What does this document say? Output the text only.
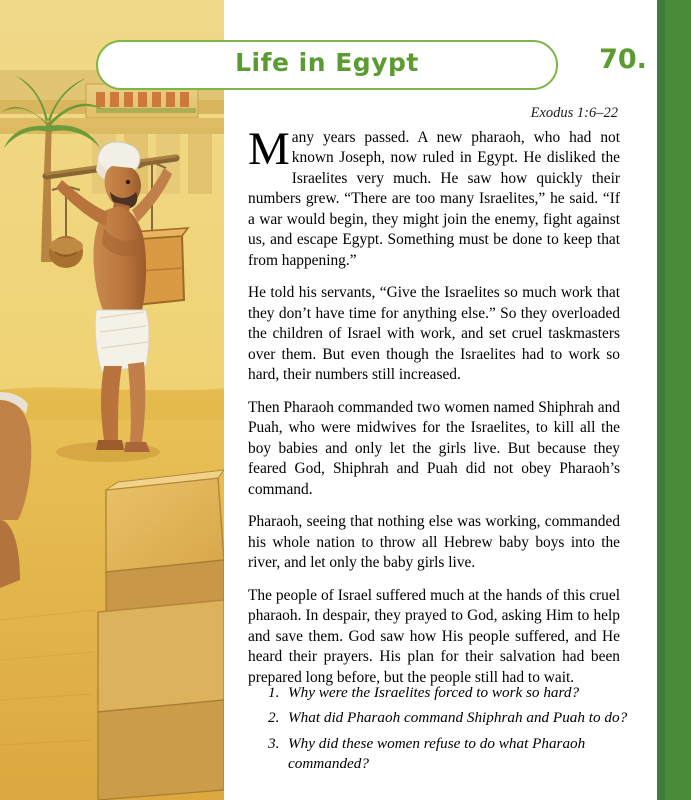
Life in Egypt
Exodus 1:6–22

Many years passed. A new pharaoh, who had not known Joseph, now ruled in Egypt. He disliked the Israelites very much. He saw how quickly their numbers grew. “There are too many Israelites,” he said. “If a war would begin, they might join the enemy, fight against us, and escape Egypt. Something must be done to keep that from happening.”

He told his servants, “Give the Israelites so much work that they don’t have time for anything else.” So they overloaded the children of Israel with work, and set cruel taskmasters over them. But even though the Israelites had to work so hard, their numbers still increased.

Then Pharaoh commanded two women named Shiphrah and Puah, who were midwives for the Israelites, to kill all the boy babies and only let the girls live. But because they feared God, Shiphrah and Puah did not obey Pharaoh’s command.

Pharaoh, seeing that nothing else was working, commanded his whole nation to throw all Hebrew baby boys into the river, and let only the baby girls live.

The people of Israel suffered much at the hands of this cruel pharaoh. In despair, they prayed to God, asking Him to help and save them. God saw how His people suffered, and He heard their prayers. His plan for their salvation had been prepared long before, but the people still had to wait.

1. Why were the Israelites forced to work so hard?
2. What did Pharaoh command Shiphrah and Puah to do?
3. Why did these women refuse to do what Pharaoh commanded?
70.
